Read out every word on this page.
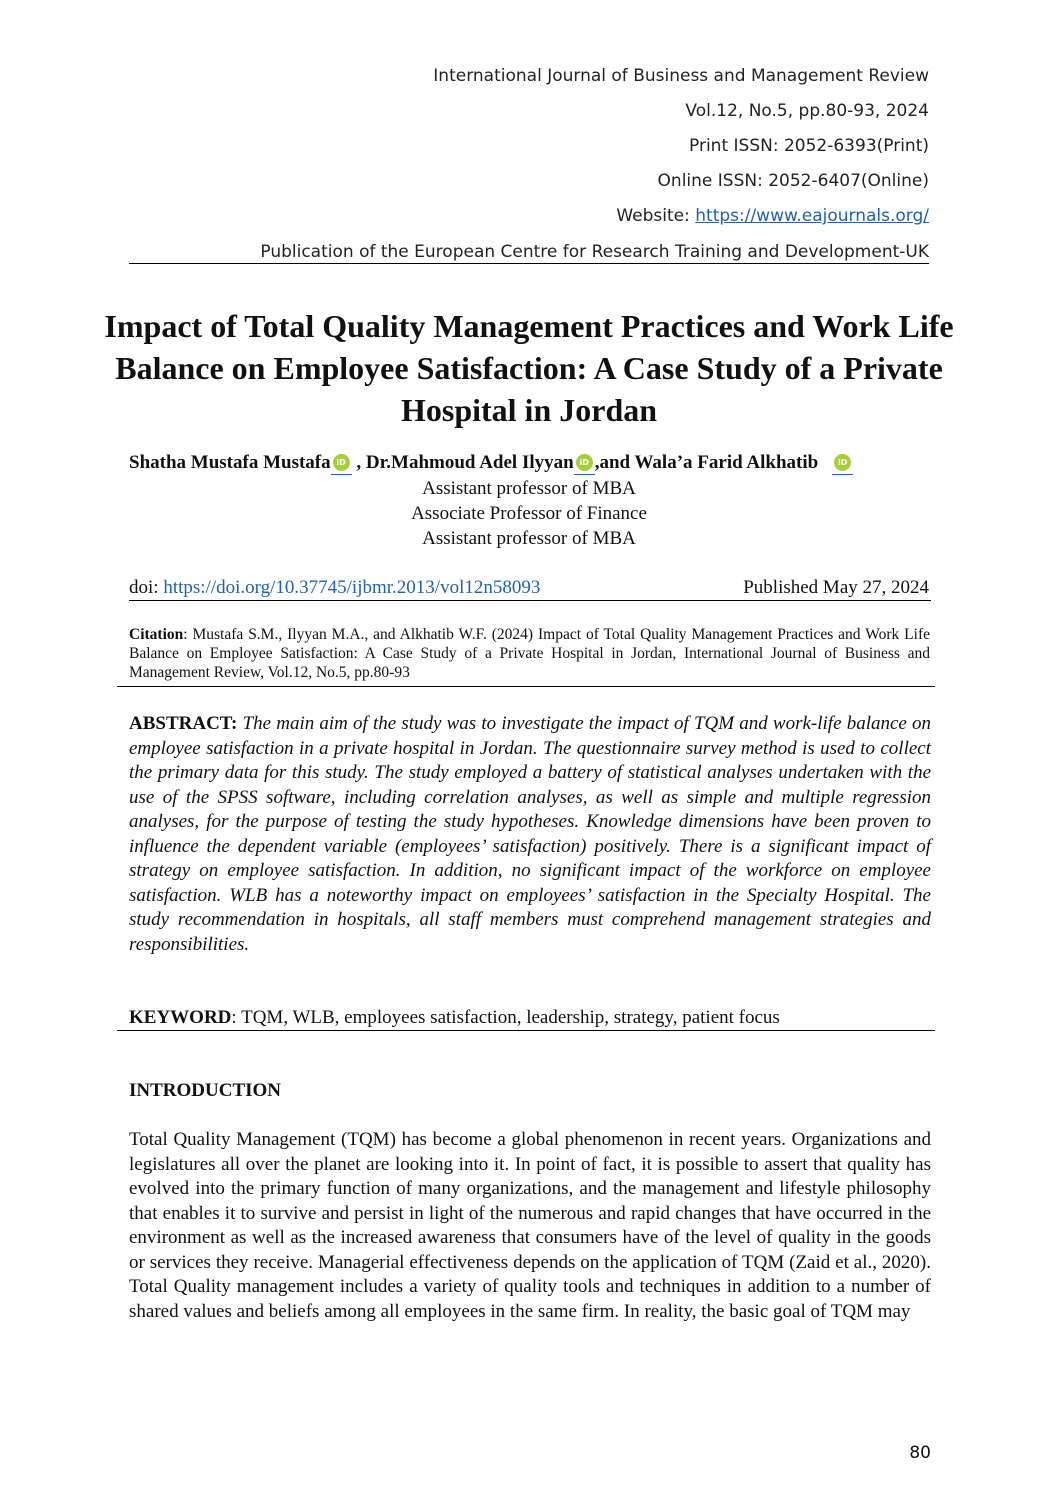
International Journal of Business and Management Review
Vol.12, No.5, pp.80-93, 2024
Print ISSN: 2052-6393(Print)
Online ISSN: 2052-6407(Online)
Website: https://www.eajournals.org/
Publication of the European Centre for Research Training and Development-UK
Impact of Total Quality Management Practices and Work Life Balance on Employee Satisfaction: A Case Study of a Private Hospital in Jordan
Shatha Mustafa Mustafa iD , Dr.Mahmoud Adel Ilyyan iD ,and Wala’a Farid Alkhatib iD
Assistant professor of MBA
Associate Professor of Finance
Assistant professor of MBA
doi: https://doi.org/10.37745/ijbmr.2013/vol12n58093	Published May 27, 2024
Citation: Mustafa S.M., Ilyyan M.A., and Alkhatib W.F. (2024) Impact of Total Quality Management Practices and Work Life Balance on Employee Satisfaction: A Case Study of a Private Hospital in Jordan, International Journal of Business and Management Review, Vol.12, No.5, pp.80-93
ABSTRACT: The main aim of the study was to investigate the impact of TQM and work-life balance on employee satisfaction in a private hospital in Jordan. The questionnaire survey method is used to collect the primary data for this study. The study employed a battery of statistical analyses undertaken with the use of the SPSS software, including correlation analyses, as well as simple and multiple regression analyses, for the purpose of testing the study hypotheses. Knowledge dimensions have been proven to influence the dependent variable (employees’ satisfaction) positively. There is a significant impact of strategy on employee satisfaction. In addition, no significant impact of the workforce on employee satisfaction. WLB has a noteworthy impact on employees’ satisfaction in the Specialty Hospital. The study recommendation in hospitals, all staff members must comprehend management strategies and responsibilities.
KEYWORD: TQM, WLB, employees satisfaction, leadership, strategy, patient focus
INTRODUCTION
Total Quality Management (TQM) has become a global phenomenon in recent years. Organizations and legislatures all over the planet are looking into it. In point of fact, it is possible to assert that quality has evolved into the primary function of many organizations, and the management and lifestyle philosophy that enables it to survive and persist in light of the numerous and rapid changes that have occurred in the environment as well as the increased awareness that consumers have of the level of quality in the goods or services they receive. Managerial effectiveness depends on the application of TQM (Zaid et al., 2020). Total Quality management includes a variety of quality tools and techniques in addition to a number of shared values and beliefs among all employees in the same firm. In reality, the basic goal of TQM may
80
